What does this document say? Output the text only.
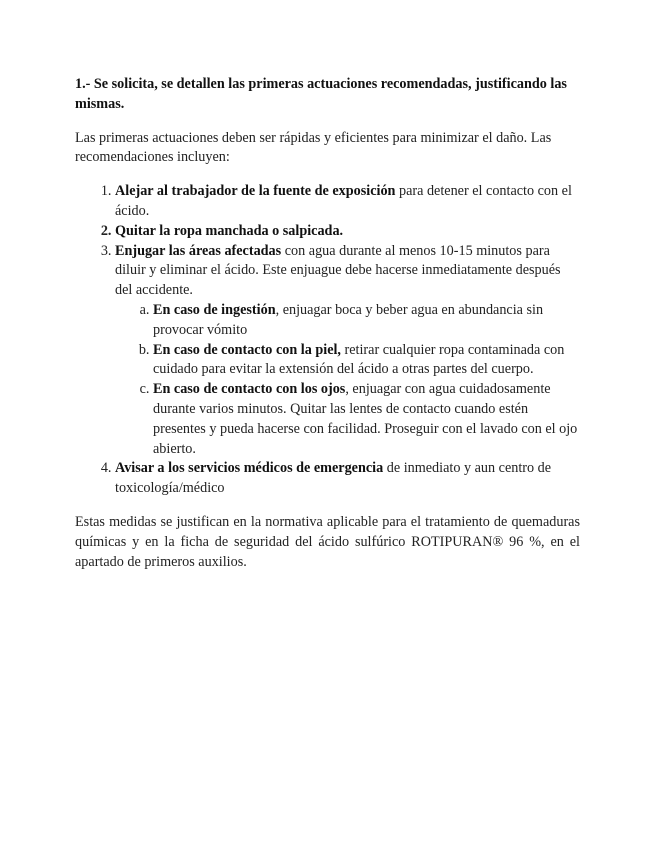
1.- Se solicita, se detallen las primeras actuaciones recomendadas, justificando las mismas.

Las primeras actuaciones deben ser rápidas y eficientes para minimizar el daño. Las recomendaciones incluyen:

1. Alejar al trabajador de la fuente de exposición para detener el contacto con el ácido.
2. Quitar la ropa manchada o salpicada.
3. Enjugar las áreas afectadas con agua durante al menos 10-15 minutos para diluir y eliminar el ácido. Este enjuague debe hacerse inmediatamente después del accidente.
a. En caso de ingestión, enjuagar boca y beber agua en abundancia sin provocar vómito
b. En caso de contacto con la piel, retirar cualquier ropa contaminada con cuidado para evitar la extensión del ácido a otras partes del cuerpo.
c. En caso de contacto con los ojos, enjuagar con agua cuidadosamente durante varios minutos. Quitar las lentes de contacto cuando estén presentes y pueda hacerse con facilidad. Proseguir con el lavado con el ojo abierto.
4. Avisar a los servicios médicos de emergencia de inmediato y aun centro de toxicología/médico

Estas medidas se justifican en la normativa aplicable para el tratamiento de quemaduras químicas y en la ficha de seguridad del ácido sulfúrico ROTIPURAN® 96 %, en el apartado de primeros auxilios.
